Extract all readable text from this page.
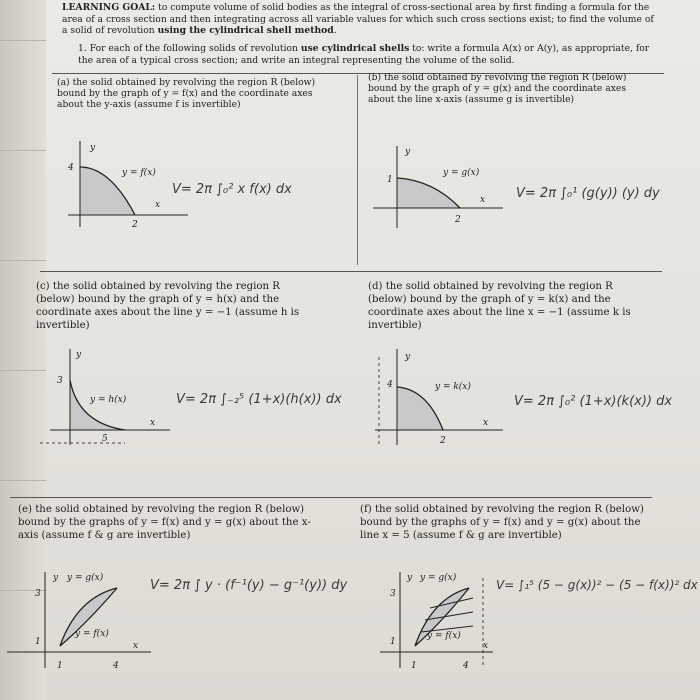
LEARNING GOAL: to compute volume of solid bodies as the integral of cross-sectional area by first finding a formula for the area of a cross section and then integrating across all variable values for which such cross sections exist; to find the volume of a solid of revolution using the cylindrical shell method.
1. For each of the following solids of revolution use cylindrical shells to: write a formula A(x) or A(y), as appropriate, for the area of a typical cross section; and write an integral representing the volume of the solid.
(a) the solid obtained by revolving the region R (below) bound by the graph of y = f(x) and the coordinate axes about the y-axis (assume f is invertible)
y
x
4
2
y = f(x)
V= 2π ∫₀² x f(x) dx
(b) the solid obtained by revolving the region R (below) bound by the graph of y = g(x) and the coordinate axes about the line x-axis (assume g is invertible)
y
x
1
2
y = g(x)
V= 2π ∫₀¹ (g(y)) (y) dy
(c) the solid obtained by revolving the region R (below) bound by the graph of y = h(x) and the coordinate axes about the line y = −1 (assume h is invertible)
y
x
3
5
y = h(x)	V= 2π ∫₋₂⁵ (1+x)(h(x)) dx
(d) the solid obtained by revolving the region R (below) bound by the graph of y = k(x) and the coordinate axes about the line x = −1 (assume k is invertible)
y
x
4
2
y = k(x)
V= 2π ∫₀² (1+x)(k(x)) dx
(e) the solid obtained by revolving the region R (below) bound by the graphs of y = f(x) and y = g(x) about the x-axis (assume f & g are invertible)
y y = g(x)
y = f(x)
x
3
1
1	4
V= 2π ∫ y · (f⁻¹(y) − g⁻¹(y)) dy
(f) the solid obtained by revolving the region R (below) bound by the graphs of y = f(x) and y = g(x) about the line x = 5 (assume f & g are invertible)
y y = g(x)
y = f(x)
x
3
1
1	4
V= ∫₁⁵ (5 − g(x))² − (5 − f(x))² dx
